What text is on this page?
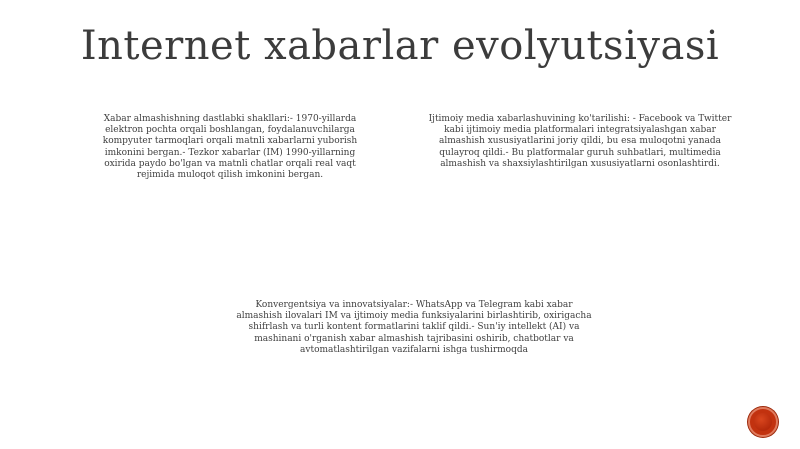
Internet xabarlar evolyutsiyasi
Xabar almashishning dastlabki shakllari:- 1970-yillarda elektron pochta orqali boshlangan, foydalanuvchilarga kompyuter tarmoqlari orqali matnli xabarlarni yuborish imkonini bergan.- Tezkor xabarlar (IM) 1990-yillarning oxirida paydo bo'lgan va matnli chatlar orqali real vaqt rejimida muloqot qilish imkonini bergan.
Ijtimoiy media xabarlashuvining ko'tarilishi: - Facebook va Twitter kabi ijtimoiy media platformalari integratsiyalashgan xabar almashish xususiyatlarini joriy qildi, bu esa muloqotni yanada qulayroq qildi.- Bu platformalar guruh suhbatlari, multimedia almashish va shaxsiylashtirilgan xususiyatlarni osonlashtirdi.
Konvergentsiya va innovatsiyalar:- WhatsApp va Telegram kabi xabar almashish ilovalari IM va ijtimoiy media funksiyalarini birlashtirib, oxirigacha shifrlash va turli kontent formatlarini taklif qildi.- Sun'iy intellekt (AI) va mashinani o'rganish xabar almashish tajribasini oshirib, chatbotlar va avtomatlashtirilgan vazifalarni ishga tushirmoqda
